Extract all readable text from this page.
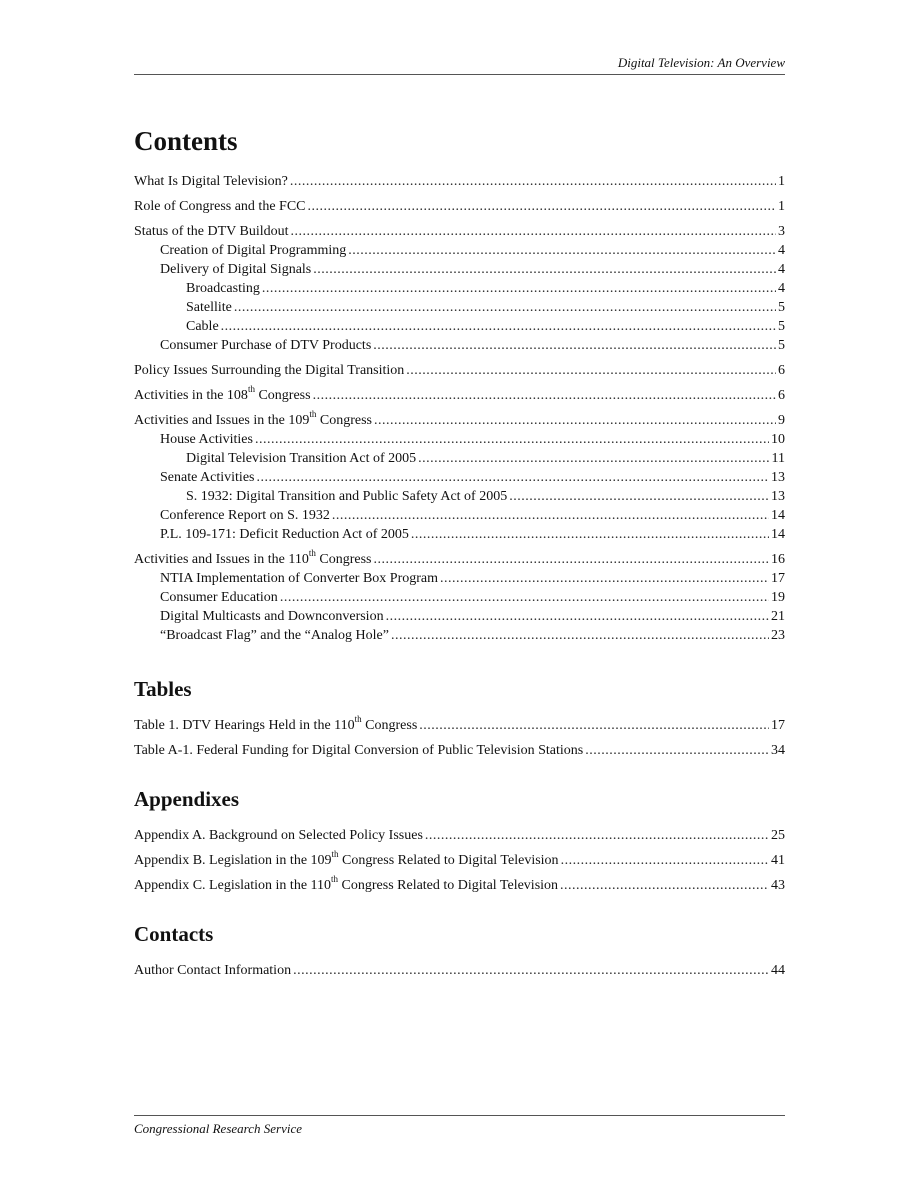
Digital Television: An Overview
Contents
What Is Digital Television? .....	1
Role of Congress and the FCC .....	1
Status of the DTV Buildout .....	3
Creation of Digital Programming .....	4
Delivery of Digital Signals .....	4
Broadcasting .....	4
Satellite .....	5
Cable .....	5
Consumer Purchase of DTV Products .....	5
Policy Issues Surrounding the Digital Transition .....	6
Activities in the 108th Congress .....	6
Activities and Issues in the 109th Congress .....	9
House Activities .....	10
Digital Television Transition Act of 2005 .....	11
Senate Activities .....	13
S. 1932: Digital Transition and Public Safety Act of 2005 .....	13
Conference Report on S. 1932 .....	14
P.L. 109-171: Deficit Reduction Act of 2005 .....	14
Activities and Issues in the 110th Congress .....	16
NTIA Implementation of Converter Box Program .....	17
Consumer Education .....	19
Digital Multicasts and Downconversion .....	21
“Broadcast Flag” and the “Analog Hole” .....	23
Tables
Table 1. DTV Hearings Held in the 110th Congress .....	17
Table A-1. Federal Funding for Digital Conversion of Public Television Stations .....	34
Appendixes
Appendix A. Background on Selected Policy Issues .....	25
Appendix B. Legislation in the 109th Congress Related to Digital Television .....	41
Appendix C. Legislation in the 110th Congress Related to Digital Television .....	43
Contacts
Author Contact Information .....	44
Congressional Research Service
